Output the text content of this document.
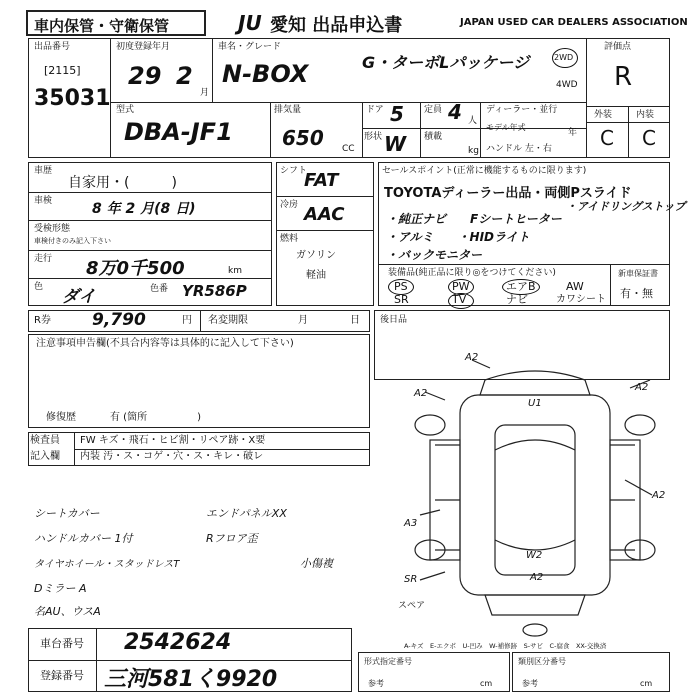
車内保管・守衛保管	JU 愛知 出品申込書	JAPAN USED CAR DEALERS ASSOCIATION
出品番号
[2115]
35031
初度登録年月
29 2
月
車名・グレード
N-BOX	G・ターボLパッケージ	2WD
4WD
評価点
R
外装	内装
C C
型式
DBA-JF1
排気量
650 CC
ドア 5
形状 W
定員 4 人
積載
kg
ディーラー・並行
モデル年式
年
ハンドル 左・右
車歴
自家用・(　　　)
車検	8 年 2 月(8 日)
受検形態
車検付きのみ記入下さい
走行 8万0千500	km
色 ダイ	色番 YR586P
シフト
FAT
冷房 AAC
燃料
ガソリン
軽油
セールスポイント(正常に機能するものに限ります)
TOYOTAディーラー出品・両側Pスライド
・アイドリングストップ
・純正ナビ　　Fシートヒーター
・アルミ　　・HIDライト
・バックモニター
装備品(純正品に限り◎をつけてください)
PS	PW	エアB	AW
SR	TV	ナビ	カワシート
新車保証書
有・無
R券 9,790	円 名変期限	月	日 後日品
注意事項申告欄(不具合内容等は具体的に記入して下さい)
修復歴	有 (箇所　　　　　)
検査員
記入欄
FW キズ・飛石・ヒビ割・リペア跡・X要
内装 汚・ス・コゲ・穴・ス・キレ・破レ
シートカバー
ハンドルカバー 1付
タイヤホイール・スタッドレスT
Dミラー A
名AU、ウスA
エンドパネルXX
Rフロア歪
小傷複
車台番号 2542624
登録番号 三河581く9920
A2
A2
A2
U1
A2
A3
SR
W2
A2
スペア
A-キズ　E-エクボ　U-凹み　W-補修跡　S-サビ　C-腐食　XX-交換済
形式指定番号
参考	cm
類別区分番号
参考	cm
